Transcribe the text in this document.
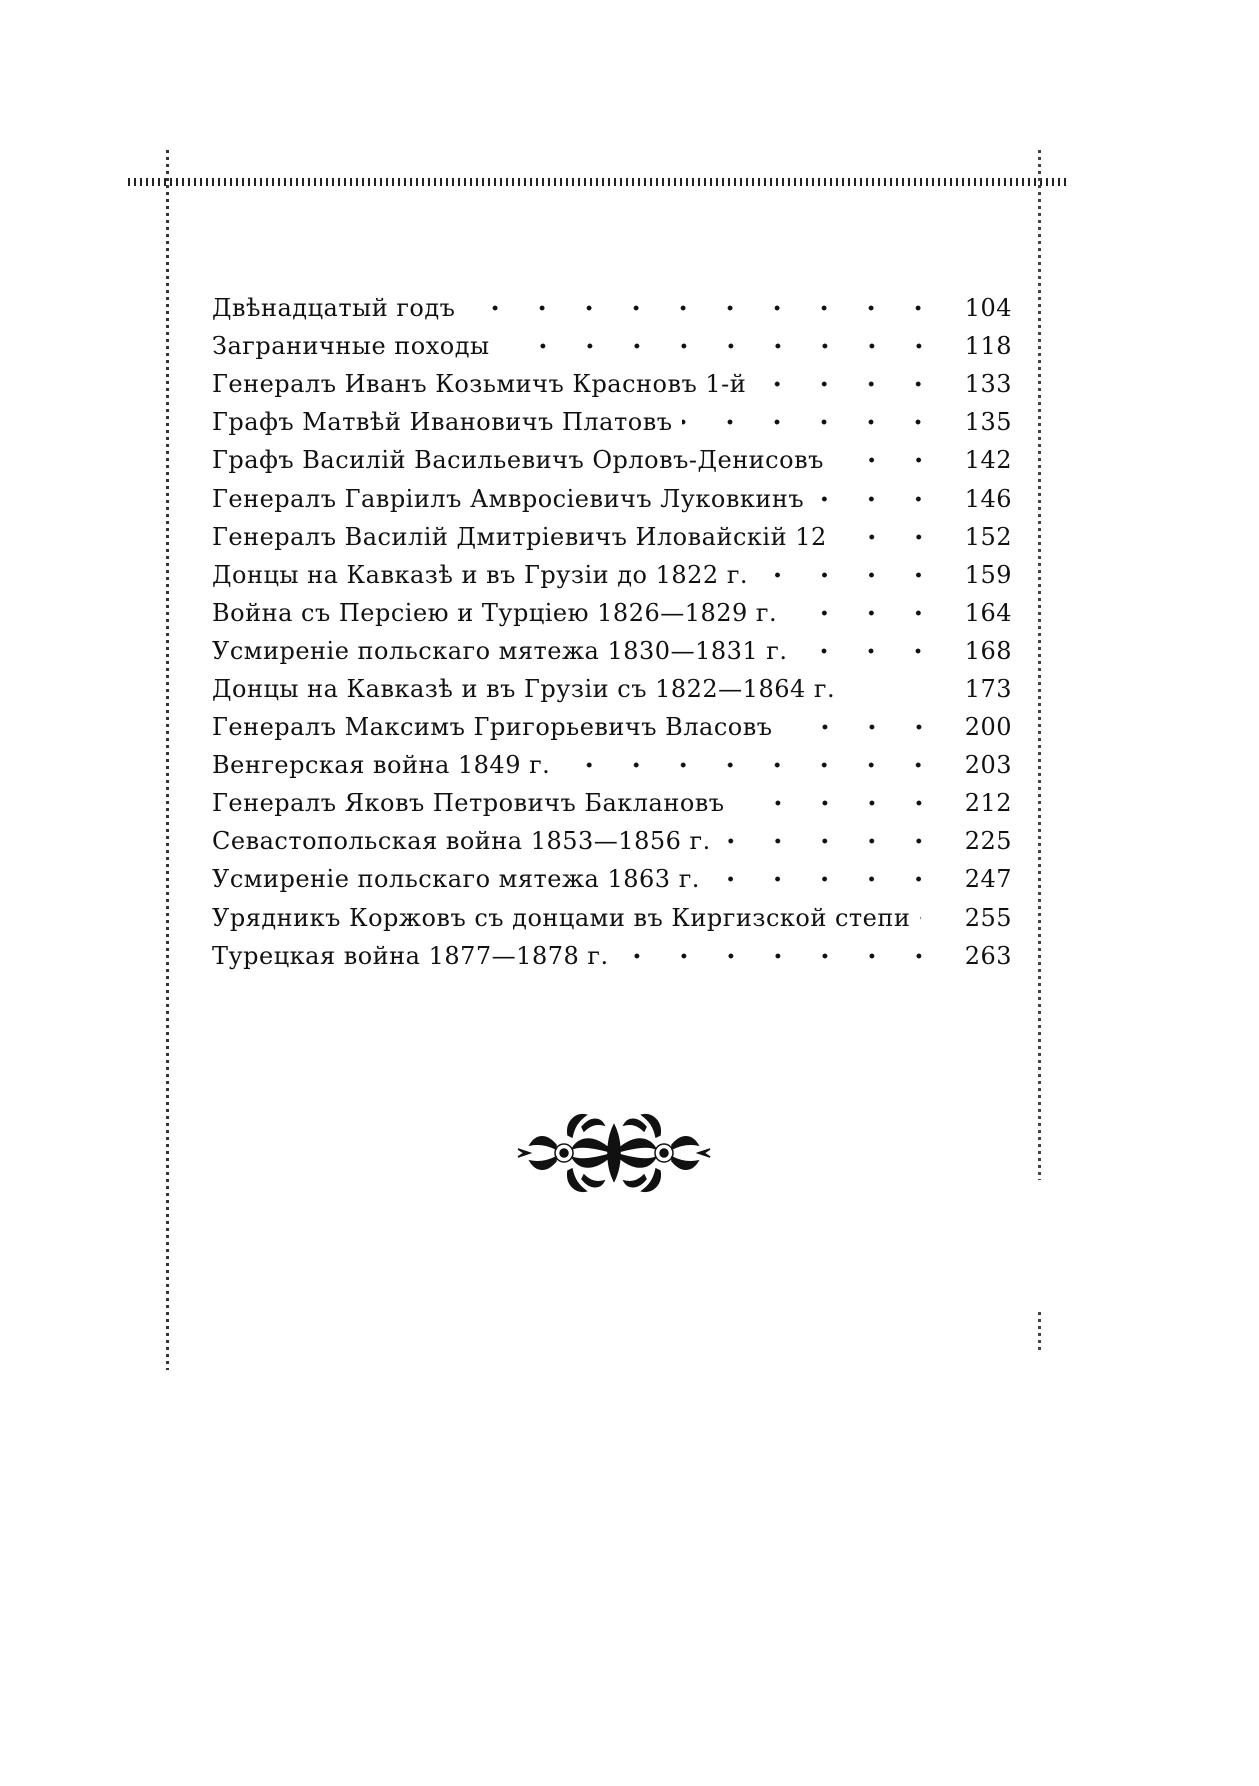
Двѣнадцатый годъ	104
Заграничные походы	118
Генералъ Иванъ Козьмичъ Красновъ 1-й	133
Графъ Матвѣй Ивановичъ Платовъ	135
Графъ Василiй Васильевичъ Орловъ-Денисовъ	142
Генералъ Гаврiилъ Амвросiевичъ Луковкинъ	146
Генералъ Василiй Дмитрiевичъ Иловайскiй 12	152
Донцы на Кавказѣ и въ Грузiи до 1822 г.	159
Война съ Персiею и Турцiею 1826—1829 г.	164
Усмиренiе польскаго мятежа 1830—1831 г.	168
Донцы на Кавказѣ и въ Грузiи съ 1822—1864 г.	173
Генералъ Максимъ Григорьевичъ Власовъ	200
Венгерская война 1849 г.	203
Генералъ Яковъ Петровичъ Баклановъ	212
Севастопольская война 1853—1856 г.	225
Усмиренiе польскаго мятежа 1863 г.	247
Урядникъ Коржовъ съ донцами въ Киргизской степи	255
Турецкая война 1877—1878 г.	263
